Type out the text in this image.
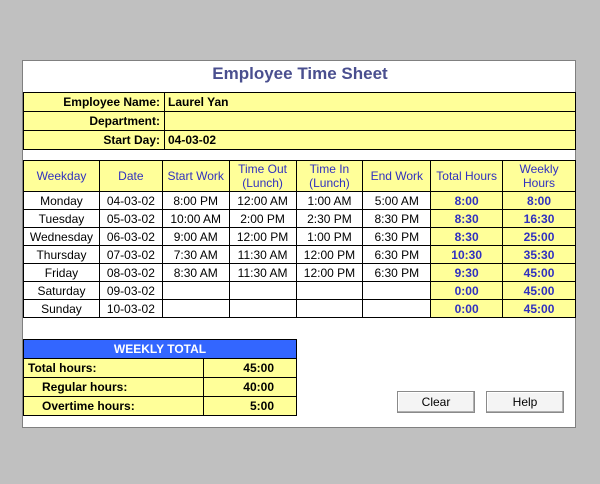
Employee Time Sheet
Employee Name:	Laurel Yan
Department:	
Start Day:	04-03-02
Weekday	Date	Start Work	Time Out (Lunch)	Time In (Lunch)	End Work	Total Hours	Weekly Hours
Monday	04-03-02	8:00 PM	12:00 AM	1:00 AM	5:00 AM	8:00	8:00
Tuesday	05-03-02	10:00 AM	2:00 PM	2:30 PM	8:30 PM	8:30	16:30
Wednesday	06-03-02	9:00 AM	12:00 PM	1:00 PM	6:30 PM	8:30	25:00
Thursday	07-03-02	7:30 AM	11:30 AM	12:00 PM	6:30 PM	10:30	35:30
Friday	08-03-02	8:30 AM	11:30 AM	12:00 PM	6:30 PM	9:30	45:00
Saturday	09-03-02					0:00	45:00
Sunday	10-03-02					0:00	45:00
WEEKLY TOTAL	
Total hours:	45:00
Regular hours:	40:00
Overtime hours:	5:00	Clear	Help
